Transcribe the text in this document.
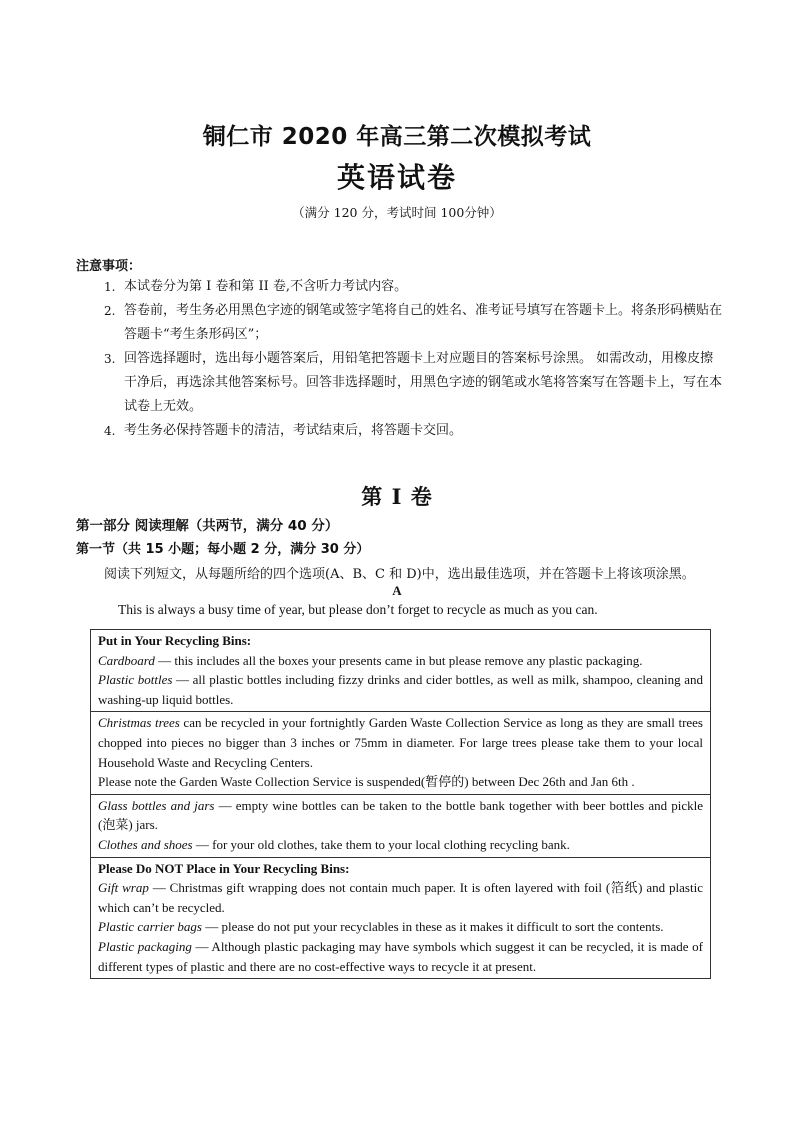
铜仁市 2020 年高三第二次模拟考试
英语试卷
（满分 120 分，考试时间 100分钟）
注意事项：
1. 本试卷分为第 I 卷和第 II 卷,不含听力考试内容。
2. 答卷前，考生务必用黑色字迹的钢笔或签字笔将自己的姓名、准考证号填写在答题卡上。将条形码横贴在答题卡“考生条形码区”；
3. 回答选择题时，选出每小题答案后，用铅笔把答题卡上对应题目的答案标号涂黑。 如需改动，用橡皮擦干净后，再选涂其他答案标号。回答非选择题时，用黑色字迹的钢笔或水笔将答案写在答题卡上，写在本试卷上无效。
4. 考生务必保持答题卡的清洁，考试结束后，将答题卡交回。
第 I 卷
第一部分 阅读理解（共两节，满分 40 分）
第一节（共 15 小题；每小题 2 分，满分 30 分）
阅读下列短文，从每题所给的四个选项(A、B、C 和 D)中，选出最佳选项，并在答题卡上将该项涂黑。
A
This is always a busy time of year, but please don’t forget to recycle as much as you can.

Put in Your Recycling Bins:

Cardboard — this includes all the boxes your presents came in but please remove any plastic packaging.

Plastic bottles — all plastic bottles including fizzy drinks and cider bottles, as well as milk, shampoo, cleaning and washing-up liquid bottles.

Christmas trees can be recycled in your fortnightly Garden Waste Collection Service as long as they are small trees chopped into pieces no bigger than 3 inches or 75mm in diameter. For large trees please take them to your local Household Waste and Recycling Centers.

Please note the Garden Waste Collection Service is suspended(暂停的) between Dec 26th and Jan 6th .

Glass bottles and jars — empty wine bottles can be taken to the bottle bank together with beer bottles and pickle (泡菜) jars.

Clothes and shoes — for your old clothes, take them to your local clothing recycling bank.

Please Do NOT Place in Your Recycling Bins:

Gift wrap — Christmas gift wrapping does not contain much paper. It is often layered with foil (箔纸) and plastic which can’t be recycled.

Plastic carrier bags — please do not put your recyclables in these as it makes it difficult to sort the contents.

Plastic packaging — Although plastic packaging may have symbols which suggest it can be recycled, it is made of different types of plastic and there are no cost-effective ways to recycle it at present.
